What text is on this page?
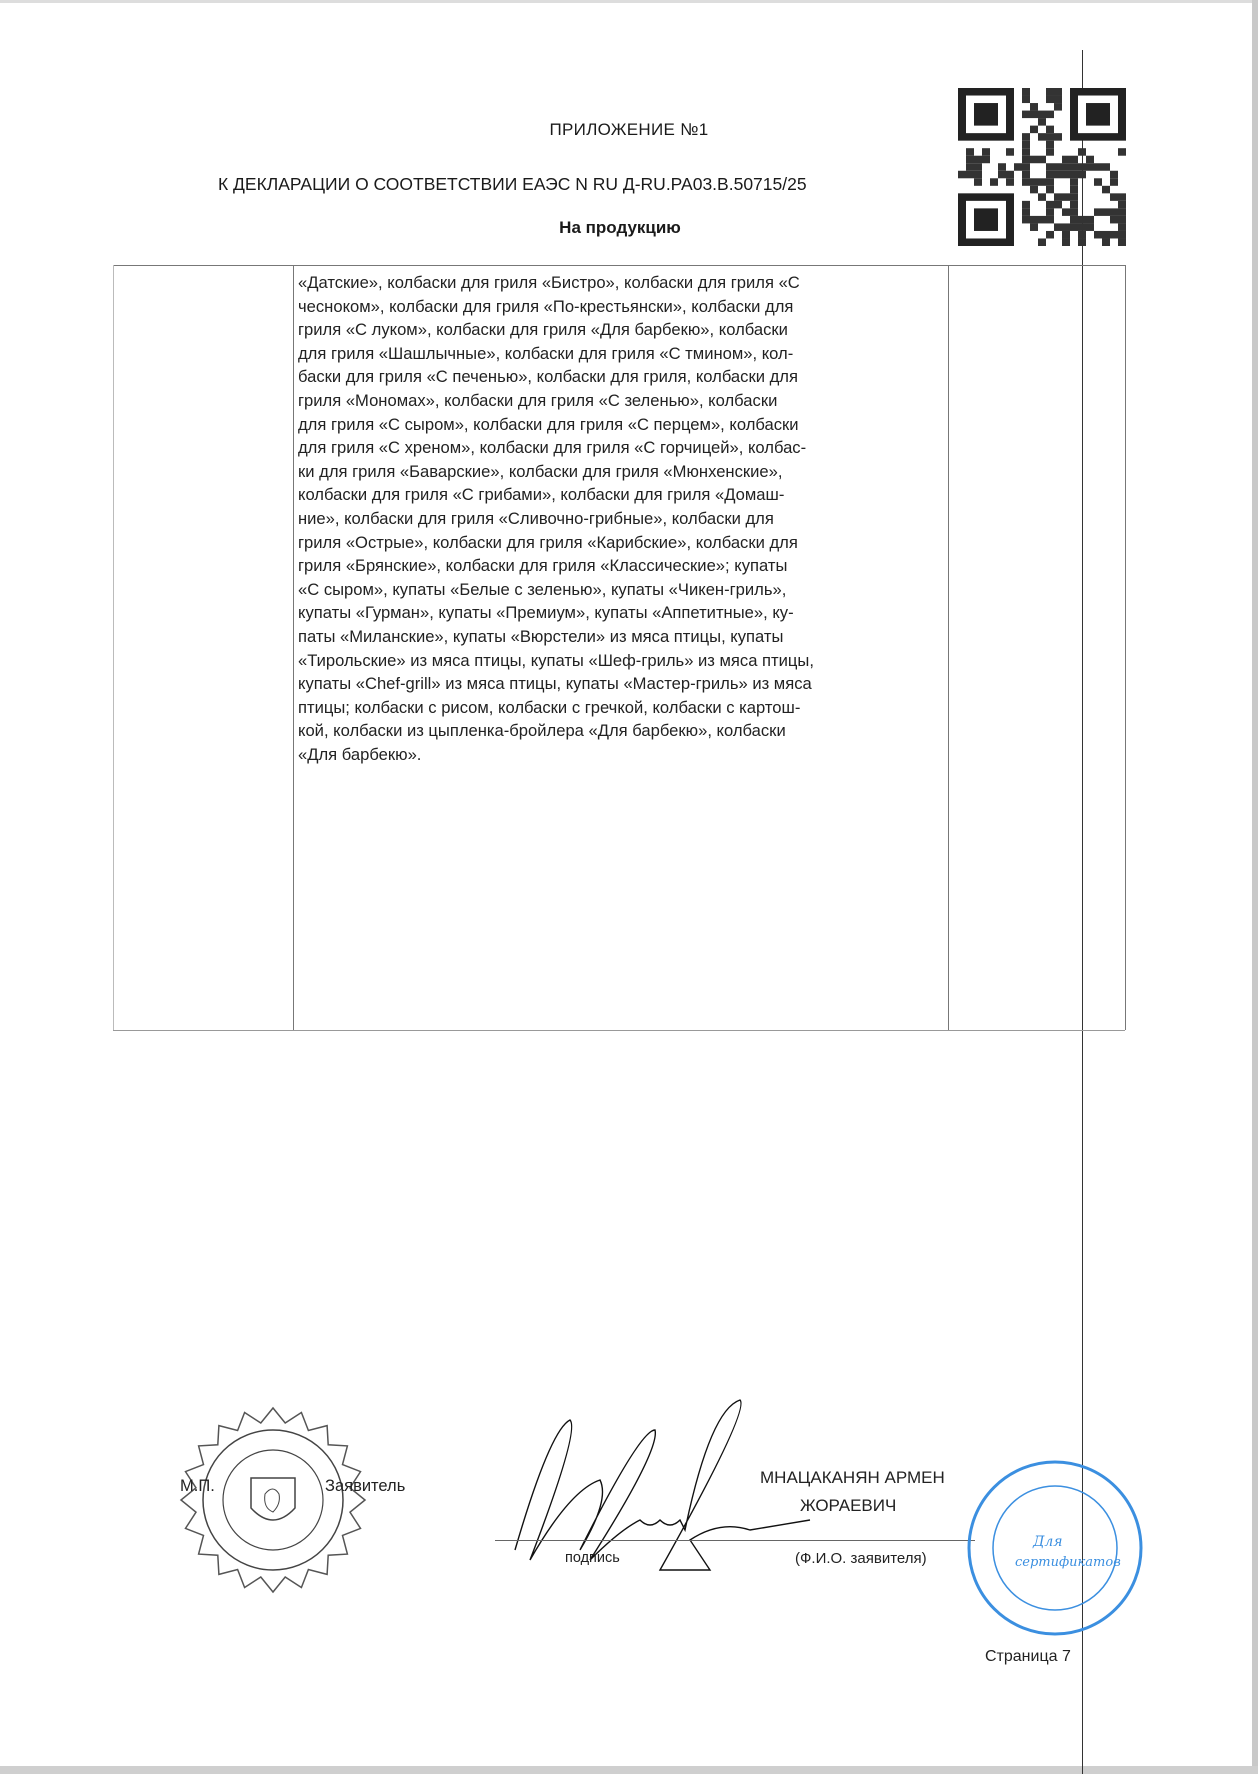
ПРИЛОЖЕНИЕ №1
К ДЕКЛАРАЦИИ О СООТВЕТСТВИИ ЕАЭС N RU Д-RU.PA03.B.50715/25
На продукцию
«Датские», колбаски для гриля «Бистро», колбаски для гриля «С
чесноком», колбаски для гриля «По-крестьянски», колбаски для
гриля «С луком», колбаски для гриля «Для барбекю», колбаски
для гриля «Шашлычные», колбаски для гриля «С тмином», кол-
баски для гриля «С печенью», колбаски для гриля, колбаски для
гриля «Мономах», колбаски для гриля «С зеленью», колбаски
для гриля «С сыром», колбаски для гриля «С перцем», колбаски
для гриля «С хреном», колбаски для гриля «С горчицей», колбас-
ки для гриля «Баварские», колбаски для гриля «Мюнхенские»,
колбаски для гриля «С грибами», колбаски для гриля «Домаш-
ние», колбаски для гриля «Сливочно-грибные», колбаски для
гриля «Острые», колбаски для гриля «Карибские», колбаски для
гриля «Брянские», колбаски для гриля «Классические»; купаты
«С сыром», купаты «Белые с зеленью», купаты «Чикен-гриль»,
купаты «Гурман», купаты «Премиум», купаты «Аппетитные», ку-
паты «Миланские», купаты «Вюрстели» из мяса птицы, купаты
«Тирольские» из мяса птицы, купаты «Шеф-гриль» из мяса птицы,
купаты «Chef-grill» из мяса птицы, купаты «Мастер-гриль» из мяса
птицы; колбаски с рисом, колбаски с гречкой, колбаски с картош-
кой, колбаски из цыпленка-бройлера «Для барбекю», колбаски
«Для барбекю».
М.П.	Заявитель
подпись
МНАЦАКАНЯН АРМЕН
ЖОРАЕВИЧ
(Ф.И.О. заявителя)
Для
сертификатов
Страница 7
